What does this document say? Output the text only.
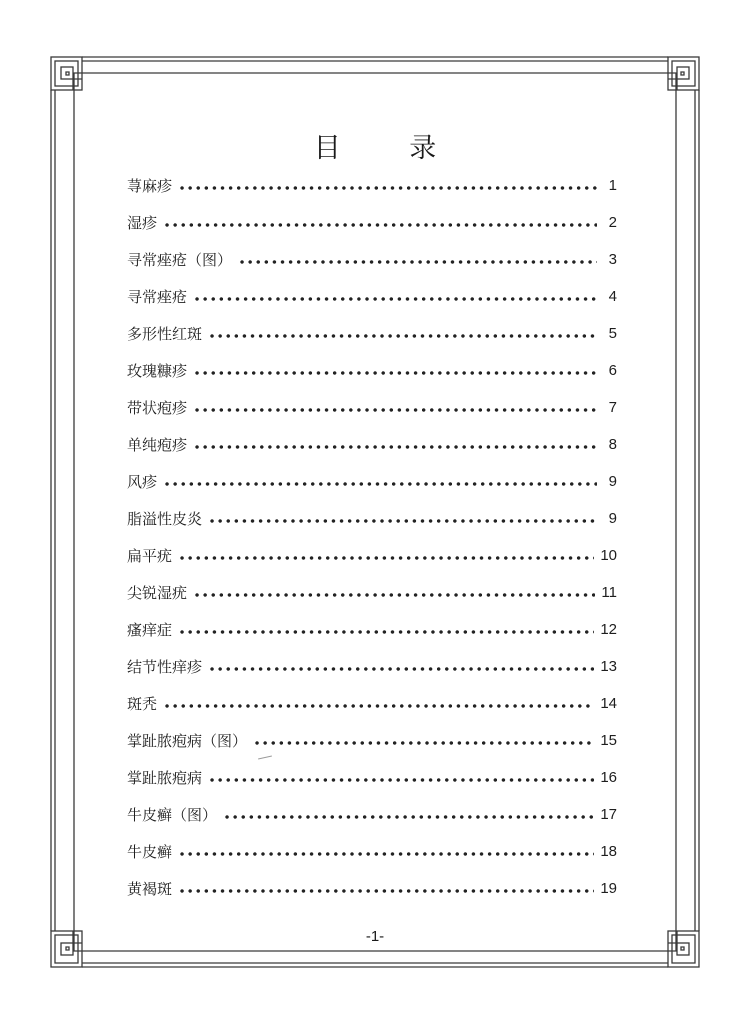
目 录
荨麻疹	1
湿疹	2
寻常痤疮（图）	3
寻常痤疮	4
多形性红斑	5
玫瑰糠疹	6
带状疱疹	7
单纯疱疹	8
风疹	9
脂溢性皮炎	9
扁平疣	10
尖锐湿疣	11
瘙痒症	12
结节性痒疹	13
斑秃	14
掌趾脓疱病（图）	15
掌趾脓疱病	16
牛皮癣（图）	17
牛皮癣	18
黄褐斑	19
-1-
